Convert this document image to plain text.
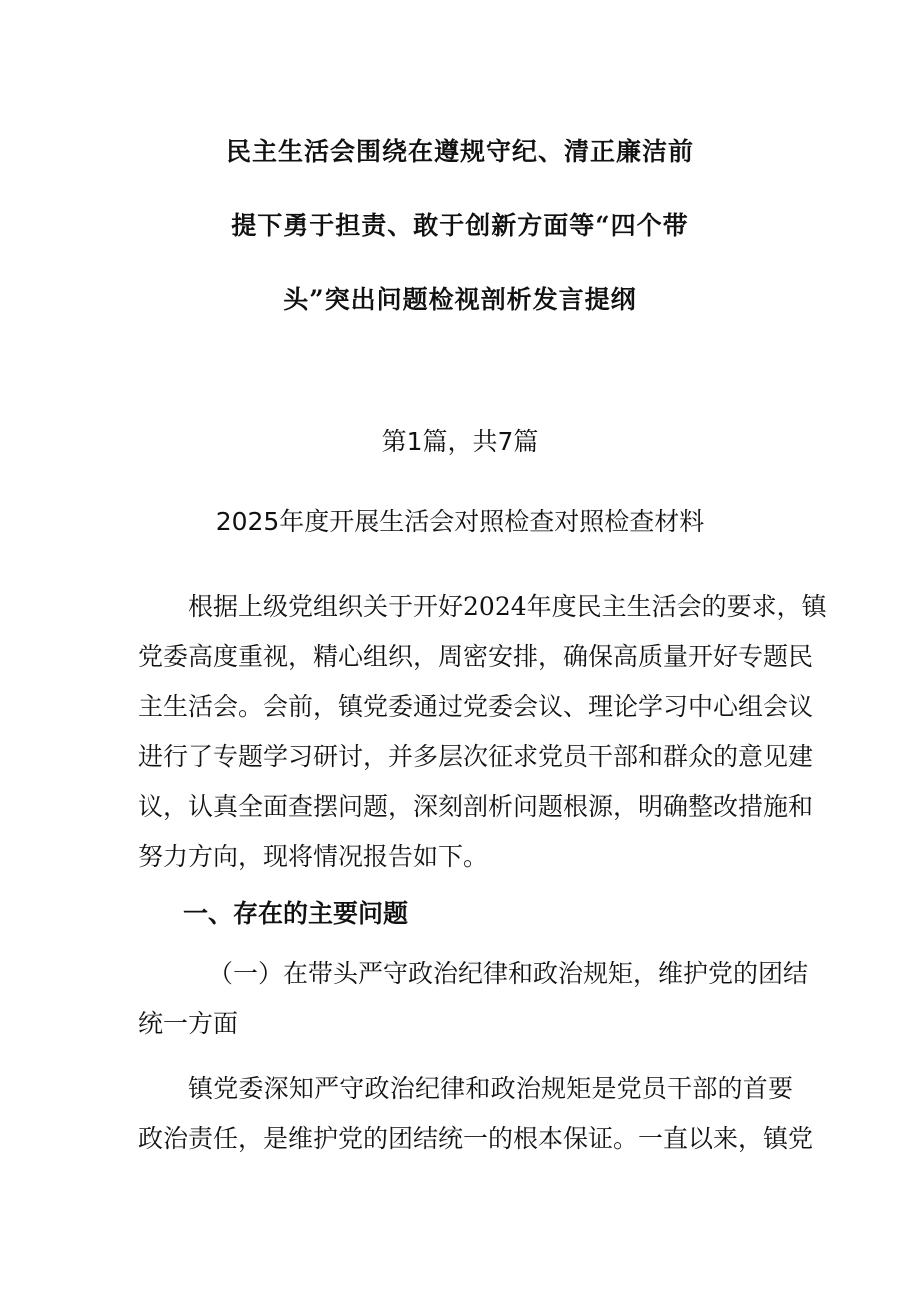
民主生活会围绕在遵规守纪、清正廉洁前
提下勇于担责、敢于创新方面等“四个带
头”突出问题检视剖析发言提纲
第1篇，共7篇
2025年度开展生活会对照检查对照检查材料
根据上级党组织关于开好2024年度民主生活会的要求，镇
党委高度重视，精心组织，周密安排，确保高质量开好专题民
主生活会。会前，镇党委通过党委会议、理论学习中心组会议
进行了专题学习研讨，并多层次征求党员干部和群众的意见建
议，认真全面查摆问题，深刻剖析问题根源，明确整改措施和
努力方向，现将情况报告如下。
一、存在的主要问题
（一）在带头严守政治纪律和政治规矩，维护党的团结
统一方面
镇党委深知严守政治纪律和政治规矩是党员干部的首要
政治责任，是维护党的团结统一的根本保证。一直以来，镇党
